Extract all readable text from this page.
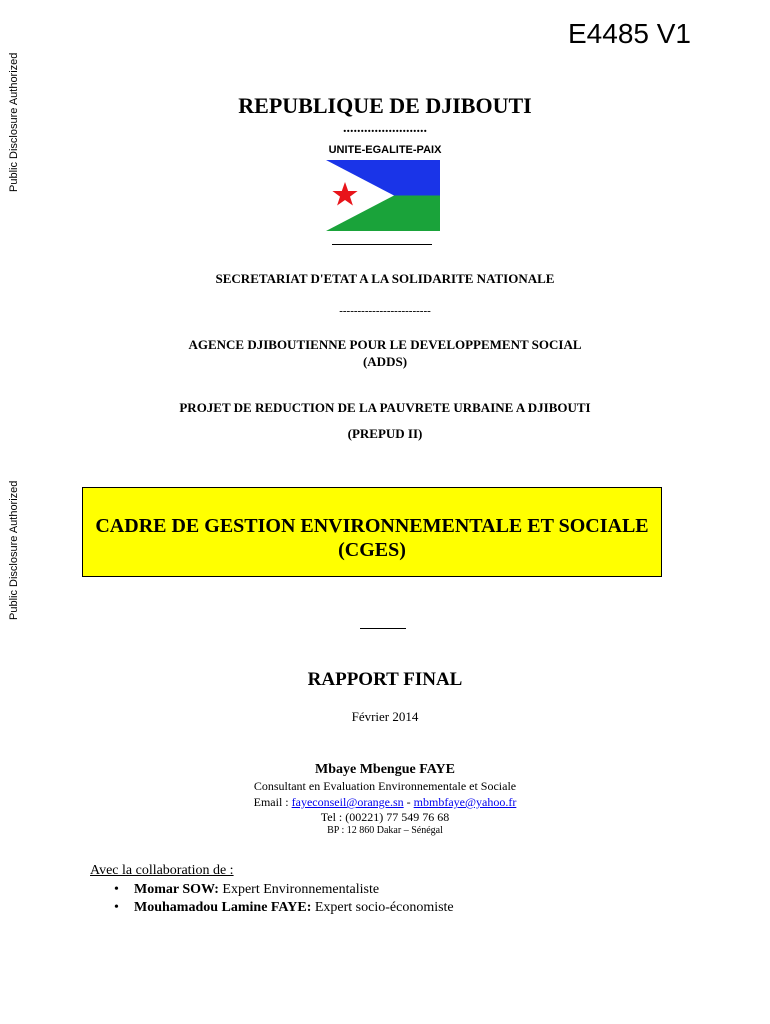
Public Disclosure Authorized
Public Disclosure Authorized
E4485 V1
REPUBLIQUE DE DJIBOUTI
........................
UNITE-EGALITE-PAIX
SECRETARIAT D'ETAT A LA SOLIDARITE NATIONALE
-------------------------
AGENCE DJIBOUTIENNE POUR LE DEVELOPPEMENT SOCIAL
(ADDS)
PROJET DE REDUCTION DE LA PAUVRETE URBAINE A DJIBOUTI
(PREPUD II)
CADRE DE GESTION ENVIRONNEMENTALE ET SOCIALE
(CGES)
RAPPORT FINAL
Février 2014
Mbaye Mbengue FAYE
Consultant en Evaluation Environnementale et Sociale
Email : fayeconseil@orange.sn - mbmbfaye@yahoo.fr
Tel : (00221) 77 549 76 68
BP : 12 860 Dakar – Sénégal
Avec la collaboration de :
• Momar SOW: Expert Environnementaliste
• Mouhamadou Lamine FAYE: Expert socio-économiste
